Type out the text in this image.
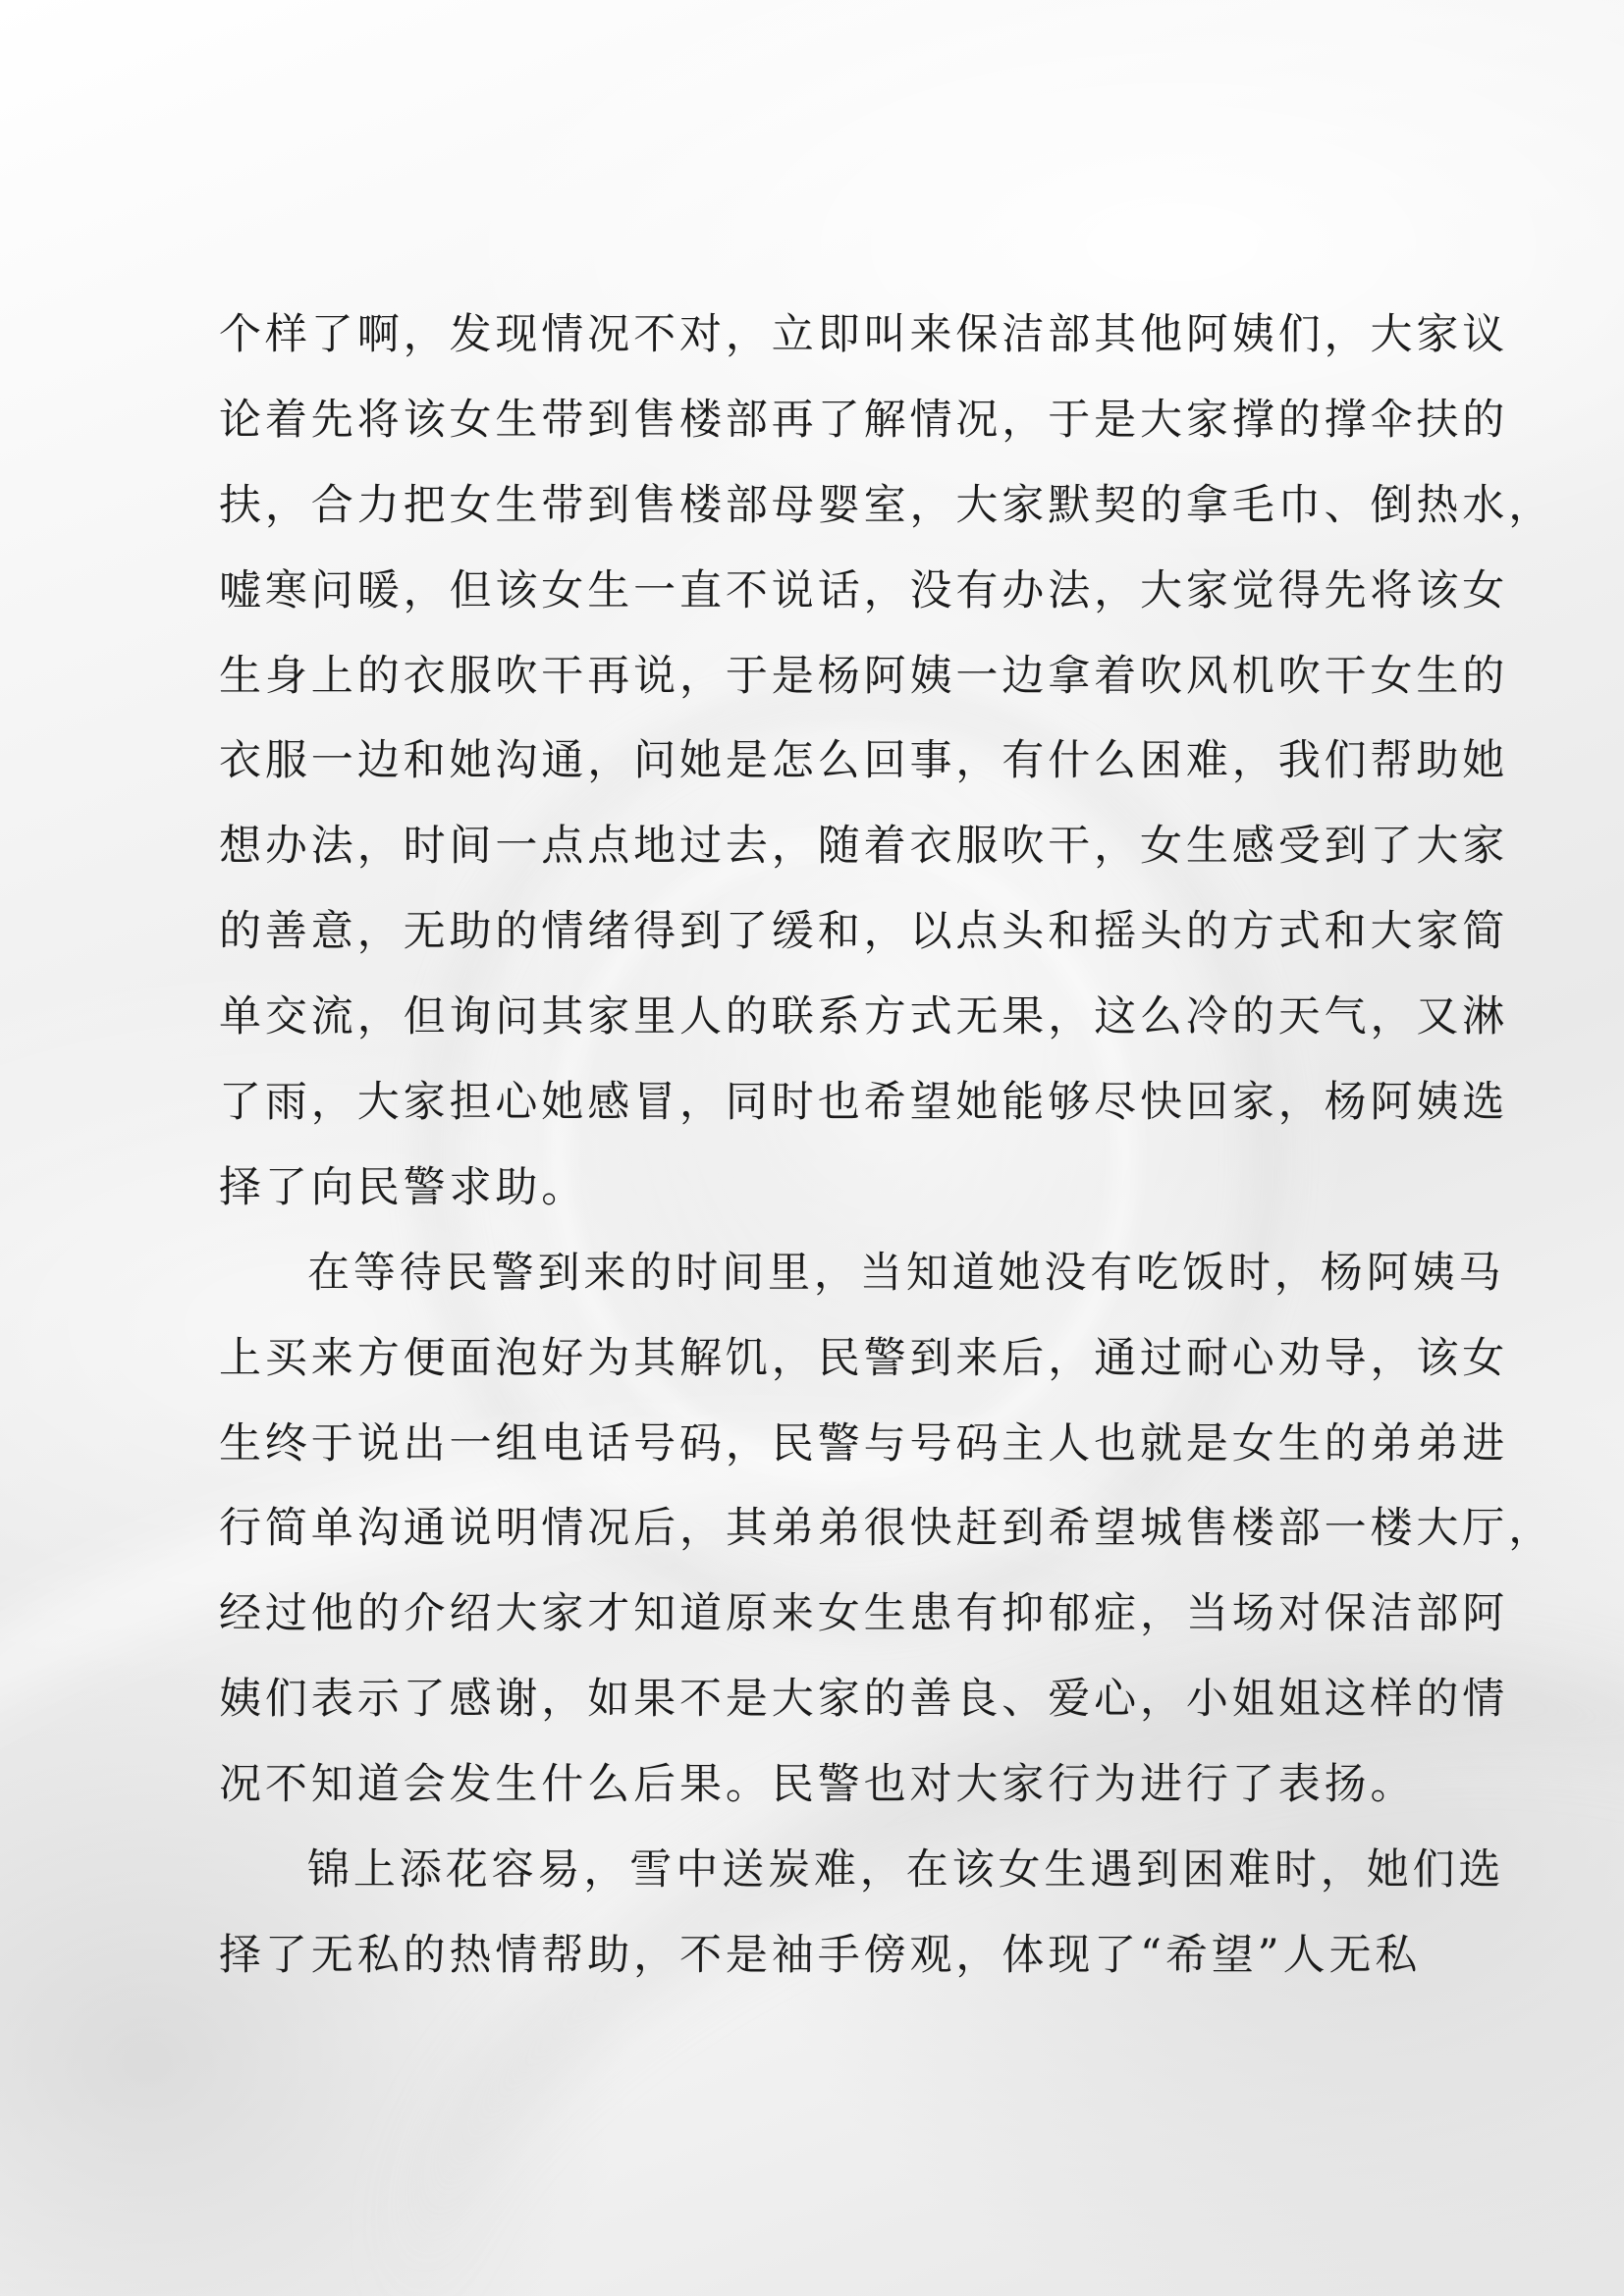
个样了啊，发现情况不对，立即叫来保洁部其他阿姨们，大家议
论着先将该女生带到售楼部再了解情况，于是大家撑的撑伞扶的
扶，合力把女生带到售楼部母婴室，大家默契的拿毛巾、倒热水，
嘘寒问暖，但该女生一直不说话，没有办法，大家觉得先将该女
生身上的衣服吹干再说，于是杨阿姨一边拿着吹风机吹干女生的
衣服一边和她沟通，问她是怎么回事，有什么困难，我们帮助她
想办法，时间一点点地过去，随着衣服吹干，女生感受到了大家
的善意，无助的情绪得到了缓和，以点头和摇头的方式和大家简
单交流，但询问其家里人的联系方式无果，这么冷的天气，又淋
了雨，大家担心她感冒，同时也希望她能够尽快回家，杨阿姨选
择了向民警求助。
在等待民警到来的时间里，当知道她没有吃饭时，杨阿姨马
上买来方便面泡好为其解饥，民警到来后，通过耐心劝导，该女
生终于说出一组电话号码，民警与号码主人也就是女生的弟弟进
行简单沟通说明情况后，其弟弟很快赶到希望城售楼部一楼大厅，
经过他的介绍大家才知道原来女生患有抑郁症，当场对保洁部阿
姨们表示了感谢，如果不是大家的善良、爱心，小姐姐这样的情
况不知道会发生什么后果。民警也对大家行为进行了表扬。
锦上添花容易，雪中送炭难，在该女生遇到困难时，她们选
择了无私的热情帮助，不是袖手傍观，体现了“希望”人无私
